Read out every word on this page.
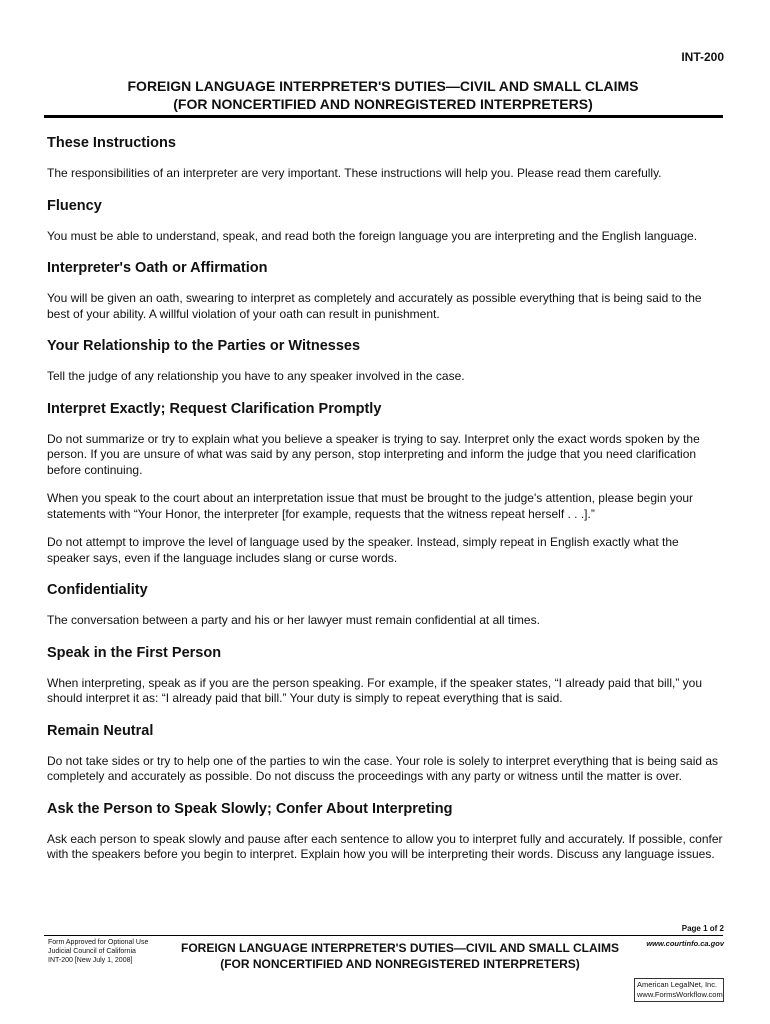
INT-200
FOREIGN LANGUAGE INTERPRETER'S DUTIES—CIVIL AND SMALL CLAIMS
(FOR NONCERTIFIED AND NONREGISTERED INTERPRETERS)
These Instructions

The responsibilities of an interpreter are very important. These instructions will help you. Please read them carefully.

Fluency

You must be able to understand, speak, and read both the foreign language you are interpreting and the English language.

Interpreter's Oath or Affirmation

You will be given an oath, swearing to interpret as completely and accurately as possible everything that is being said to the best of your ability. A willful violation of your oath can result in punishment.

Your Relationship to the Parties or Witnesses

Tell the judge of any relationship you have to any speaker involved in the case.

Interpret Exactly; Request Clarification Promptly

Do not summarize or try to explain what you believe a speaker is trying to say. Interpret only the exact words spoken by the person. If you are unsure of what was said by any person, stop interpreting and inform the judge that you need clarification before continuing.

When you speak to the court about an interpretation issue that must be brought to the judge's attention, please begin your statements with “Your Honor, the interpreter [for example, requests that the witness repeat herself . . .].”

Do not attempt to improve the level of language used by the speaker. Instead, simply repeat in English exactly what the speaker says, even if the language includes slang or curse words.

Confidentiality

The conversation between a party and his or her lawyer must remain confidential at all times.

Speak in the First Person

When interpreting, speak as if you are the person speaking. For example, if the speaker states, “I already paid that bill,” you should interpret it as: “I already paid that bill.” Your duty is simply to repeat everything that is said.

Remain Neutral

Do not take sides or try to help one of the parties to win the case. Your role is solely to interpret everything that is being said as completely and accurately as possible. Do not discuss the proceedings with any party or witness until the matter is over.

Ask the Person to Speak Slowly; Confer About Interpreting

Ask each person to speak slowly and pause after each sentence to allow you to interpret fully and accurately. If possible, confer with the speakers before you begin to interpret. Explain how you will be interpreting their words. Discuss any language issues.

Page 1 of 2
Form Approved for Optional Use
Judicial Council of California
INT-200 [New July 1, 2008]
FOREIGN LANGUAGE INTERPRETER'S DUTIES—CIVIL AND SMALL CLAIMS
(FOR NONCERTIFIED AND NONREGISTERED INTERPRETERS)
www.courtinfo.ca.gov
American LegalNet, Inc.
www.FormsWorkflow.com
